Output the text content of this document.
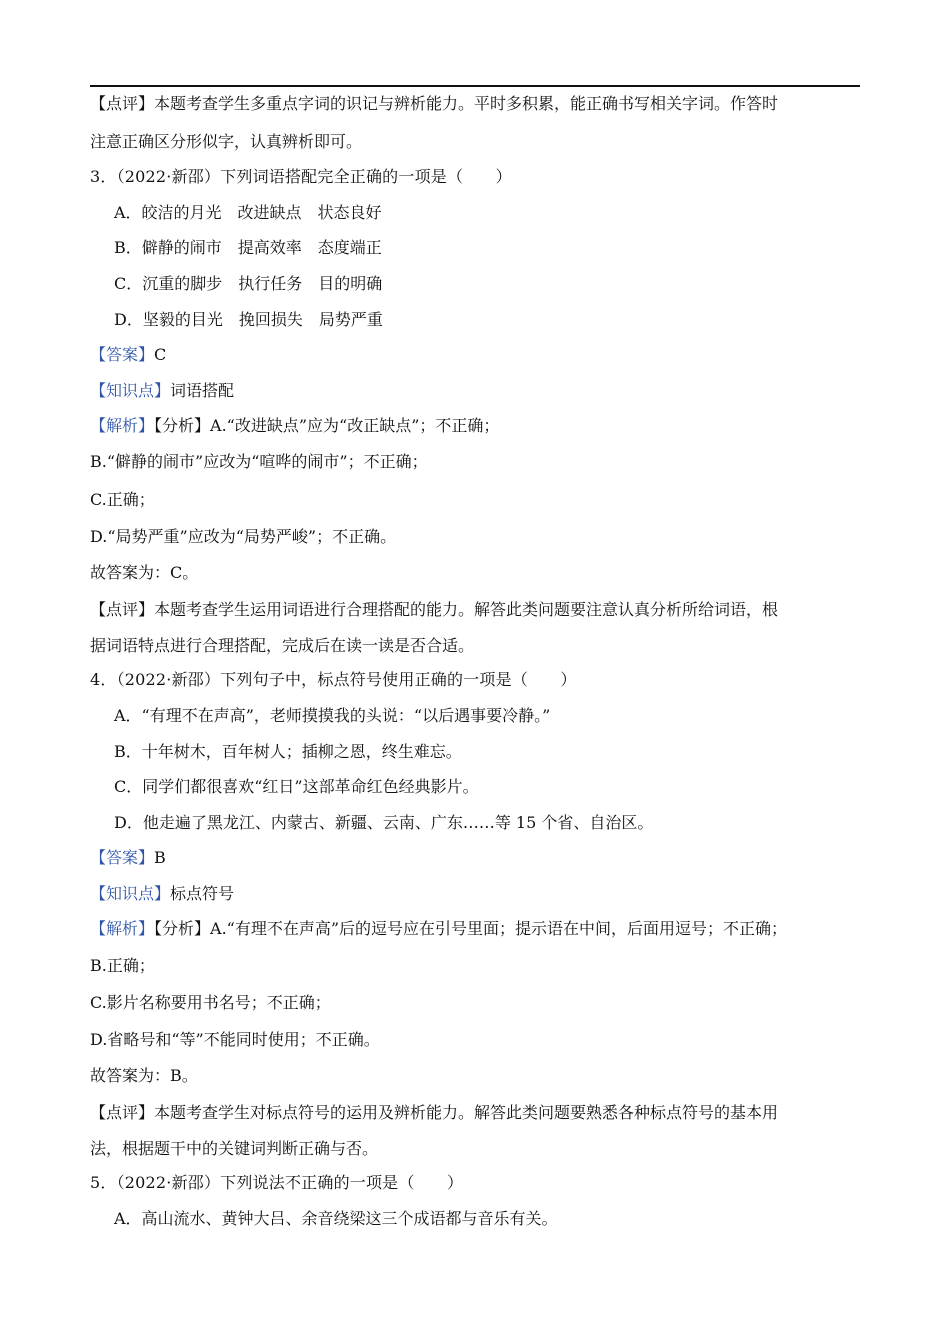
【点评】本题考查学生多重点字词的识记与辨析能力。平时多积累，能正确书写相关字词。作答时
注意正确区分形似字，认真辨析即可。
3．（2022·新邵）下列词语搭配完全正确的一项是（　　）
A．皎洁的月光　改进缺点　状态良好
B．僻静的闹市　提高效率　态度端正
C．沉重的脚步　执行任务　目的明确
D．坚毅的目光　挽回损失　局势严重
【答案】C
【知识点】词语搭配
【解析】【分析】A.“改进缺点”应为“改正缺点”；不正确；
B.“僻静的闹市”应改为“喧哗的闹市”；不正确；
C.正确；
D.“局势严重”应改为“局势严峻”；不正确。
故答案为：C。
【点评】本题考查学生运用词语进行合理搭配的能力。解答此类问题要注意认真分析所给词语，根
据词语特点进行合理搭配，完成后在读一读是否合适。
4．（2022·新邵）下列句子中，标点符号使用正确的一项是（　　）
A．“有理不在声高”，老师摸摸我的头说：“以后遇事要冷静。”
B．十年树木，百年树人；插柳之恩，终生难忘。
C．同学们都很喜欢“红日”这部革命红色经典影片。
D．他走遍了黑龙江、内蒙古、新疆、云南、广东……等 15 个省、自治区。
【答案】B
【知识点】标点符号
【解析】【分析】A.“有理不在声高”后的逗号应在引号里面；提示语在中间，后面用逗号；不正确；
B.正确；
C.影片名称要用书名号；不正确；
D.省略号和“等”不能同时使用；不正确。
故答案为：B。
【点评】本题考查学生对标点符号的运用及辨析能力。解答此类问题要熟悉各种标点符号的基本用
法，根据题干中的关键词判断正确与否。
5．（2022·新邵）下列说法不正确的一项是（　　）
A．高山流水、黄钟大吕、余音绕梁这三个成语都与音乐有关。
